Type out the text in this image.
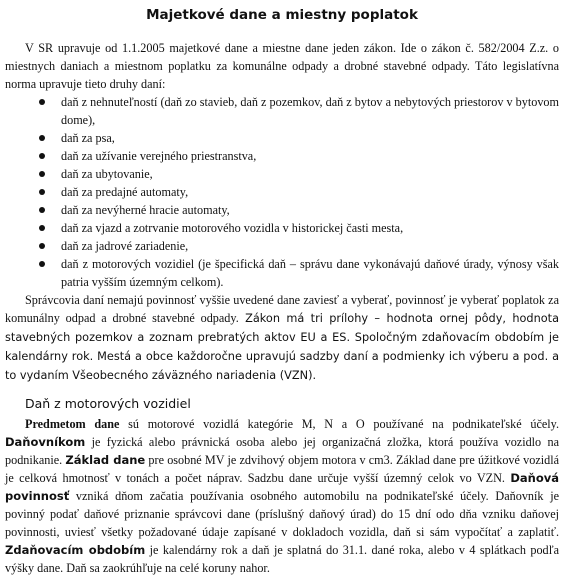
Majetkové dane a miestny poplatok

V SR upravuje od 1.1.2005 majetkové dane a miestne dane jeden zákon. Ide o zákon č. 582/2004 Z.z. o miestnych daniach a miestnom poplatku za komunálne odpady a drobné stavebné odpady. Táto legislatívna norma upravuje tieto druhy daní:

daň z nehnuteľností (daň zo stavieb, daň z pozemkov, daň z bytov a nebytových priestorov v bytovom dome),
daň za psa,
daň za užívanie verejného priestranstva,
daň za ubytovanie,
daň za predajné automaty,
daň za nevýherné hracie automaty,
daň za vjazd a zotrvanie motorového vozidla v historickej časti mesta,
daň za jadrové zariadenie,
daň z motorových vozidiel (je špecifická daň – správu dane vykonávajú daňové úrady, výnosy však patria vyšším územným celkom).

Správcovia daní nemajú povinnosť vyššie uvedené dane zaviesť a vyberať, povinnosť je vyberať poplatok za komunálny odpad a drobné stavebné odpady. Zákon má tri prílohy – hodnota ornej pôdy, hodnota stavebných pozemkov a zoznam prebratých aktov EU a ES. Spoločným zdaňovacím obdobím je kalendárny rok. Mestá a obce každoročne upravujú sadzby daní a podmienky ich výberu a pod. a to vydaním Všeobecného záväzného nariadenia (VZN).

Daň z motorových vozidiel

Predmetom dane sú motorové vozidlá kategórie M, N a O používané na podnikateľské účely. Daňovníkom je fyzická alebo právnická osoba alebo jej organizačná zložka, ktorá používa vozidlo na podnikanie. Základ dane pre osobné MV je zdvihový objem motora v cm3. Základ dane pre úžitkové vozidlá je celková hmotnosť v tonách a počet náprav. Sadzbu dane určuje vyšší územný celok vo VZN. Daňová povinnosť vzniká dňom začatia používania osobného automobilu na podnikateľské účely. Daňovník je povinný podať daňové priznanie správcovi dane (príslušný daňový úrad) do 15 dní odo dňa vzniku daňovej povinnosti, uviesť všetky požadované údaje zapísané v dokladoch vozidla, daň si sám vypočítať a zaplatiť. Zdaňovacím obdobím je kalendárny rok a daň je splatná do 31.1. dané roka, alebo v 4 splátkach podľa výšky dane. Daň sa zaokrúhľuje na celé koruny nahor.
